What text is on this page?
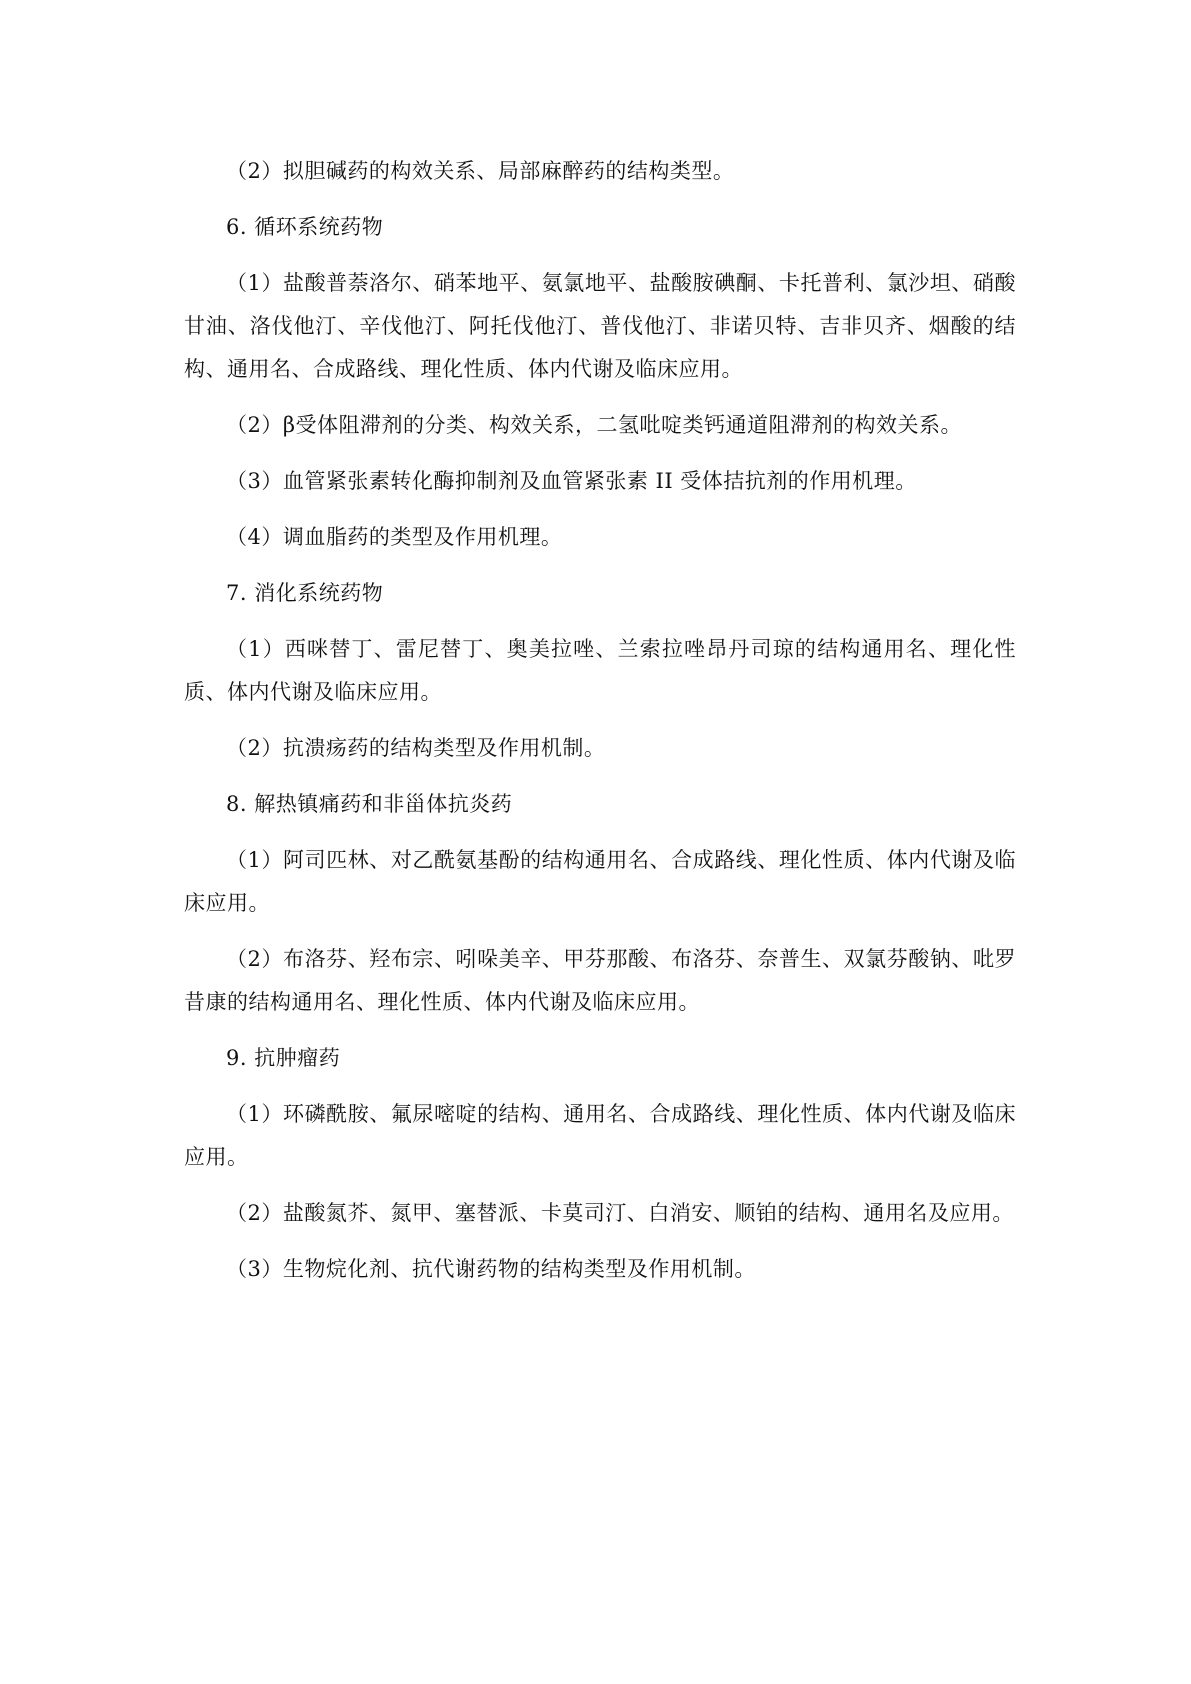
（2）拟胆碱药的构效关系、局部麻醉药的结构类型。

6. 循环系统药物

（1）盐酸普萘洛尔、硝苯地平、氨氯地平、盐酸胺碘酮、卡托普利、氯沙坦、硝酸甘油、洛伐他汀、辛伐他汀、阿托伐他汀、普伐他汀、非诺贝特、吉非贝齐、烟酸的结构、通用名、合成路线、理化性质、体内代谢及临床应用。

（2）β受体阻滞剂的分类、构效关系，二氢吡啶类钙通道阻滞剂的构效关系。

（3）血管紧张素转化酶抑制剂及血管紧张素 II 受体拮抗剂的作用机理。

（4）调血脂药的类型及作用机理。

7. 消化系统药物

（1）西咪替丁、雷尼替丁、奥美拉唑、兰索拉唑昂丹司琼的结构通用名、理化性质、体内代谢及临床应用。

（2）抗溃疡药的结构类型及作用机制。

8. 解热镇痛药和非甾体抗炎药

（1）阿司匹林、对乙酰氨基酚的结构通用名、合成路线、理化性质、体内代谢及临床应用。

（2）布洛芬、羟布宗、吲哚美辛、甲芬那酸、布洛芬、奈普生、双氯芬酸钠、吡罗昔康的结构通用名、理化性质、体内代谢及临床应用。

9. 抗肿瘤药

（1）环磷酰胺、氟尿嘧啶的结构、通用名、合成路线、理化性质、体内代谢及临床应用。

（2）盐酸氮芥、氮甲、塞替派、卡莫司汀、白消安、顺铂的结构、通用名及应用。

（3）生物烷化剂、抗代谢药物的结构类型及作用机制。
